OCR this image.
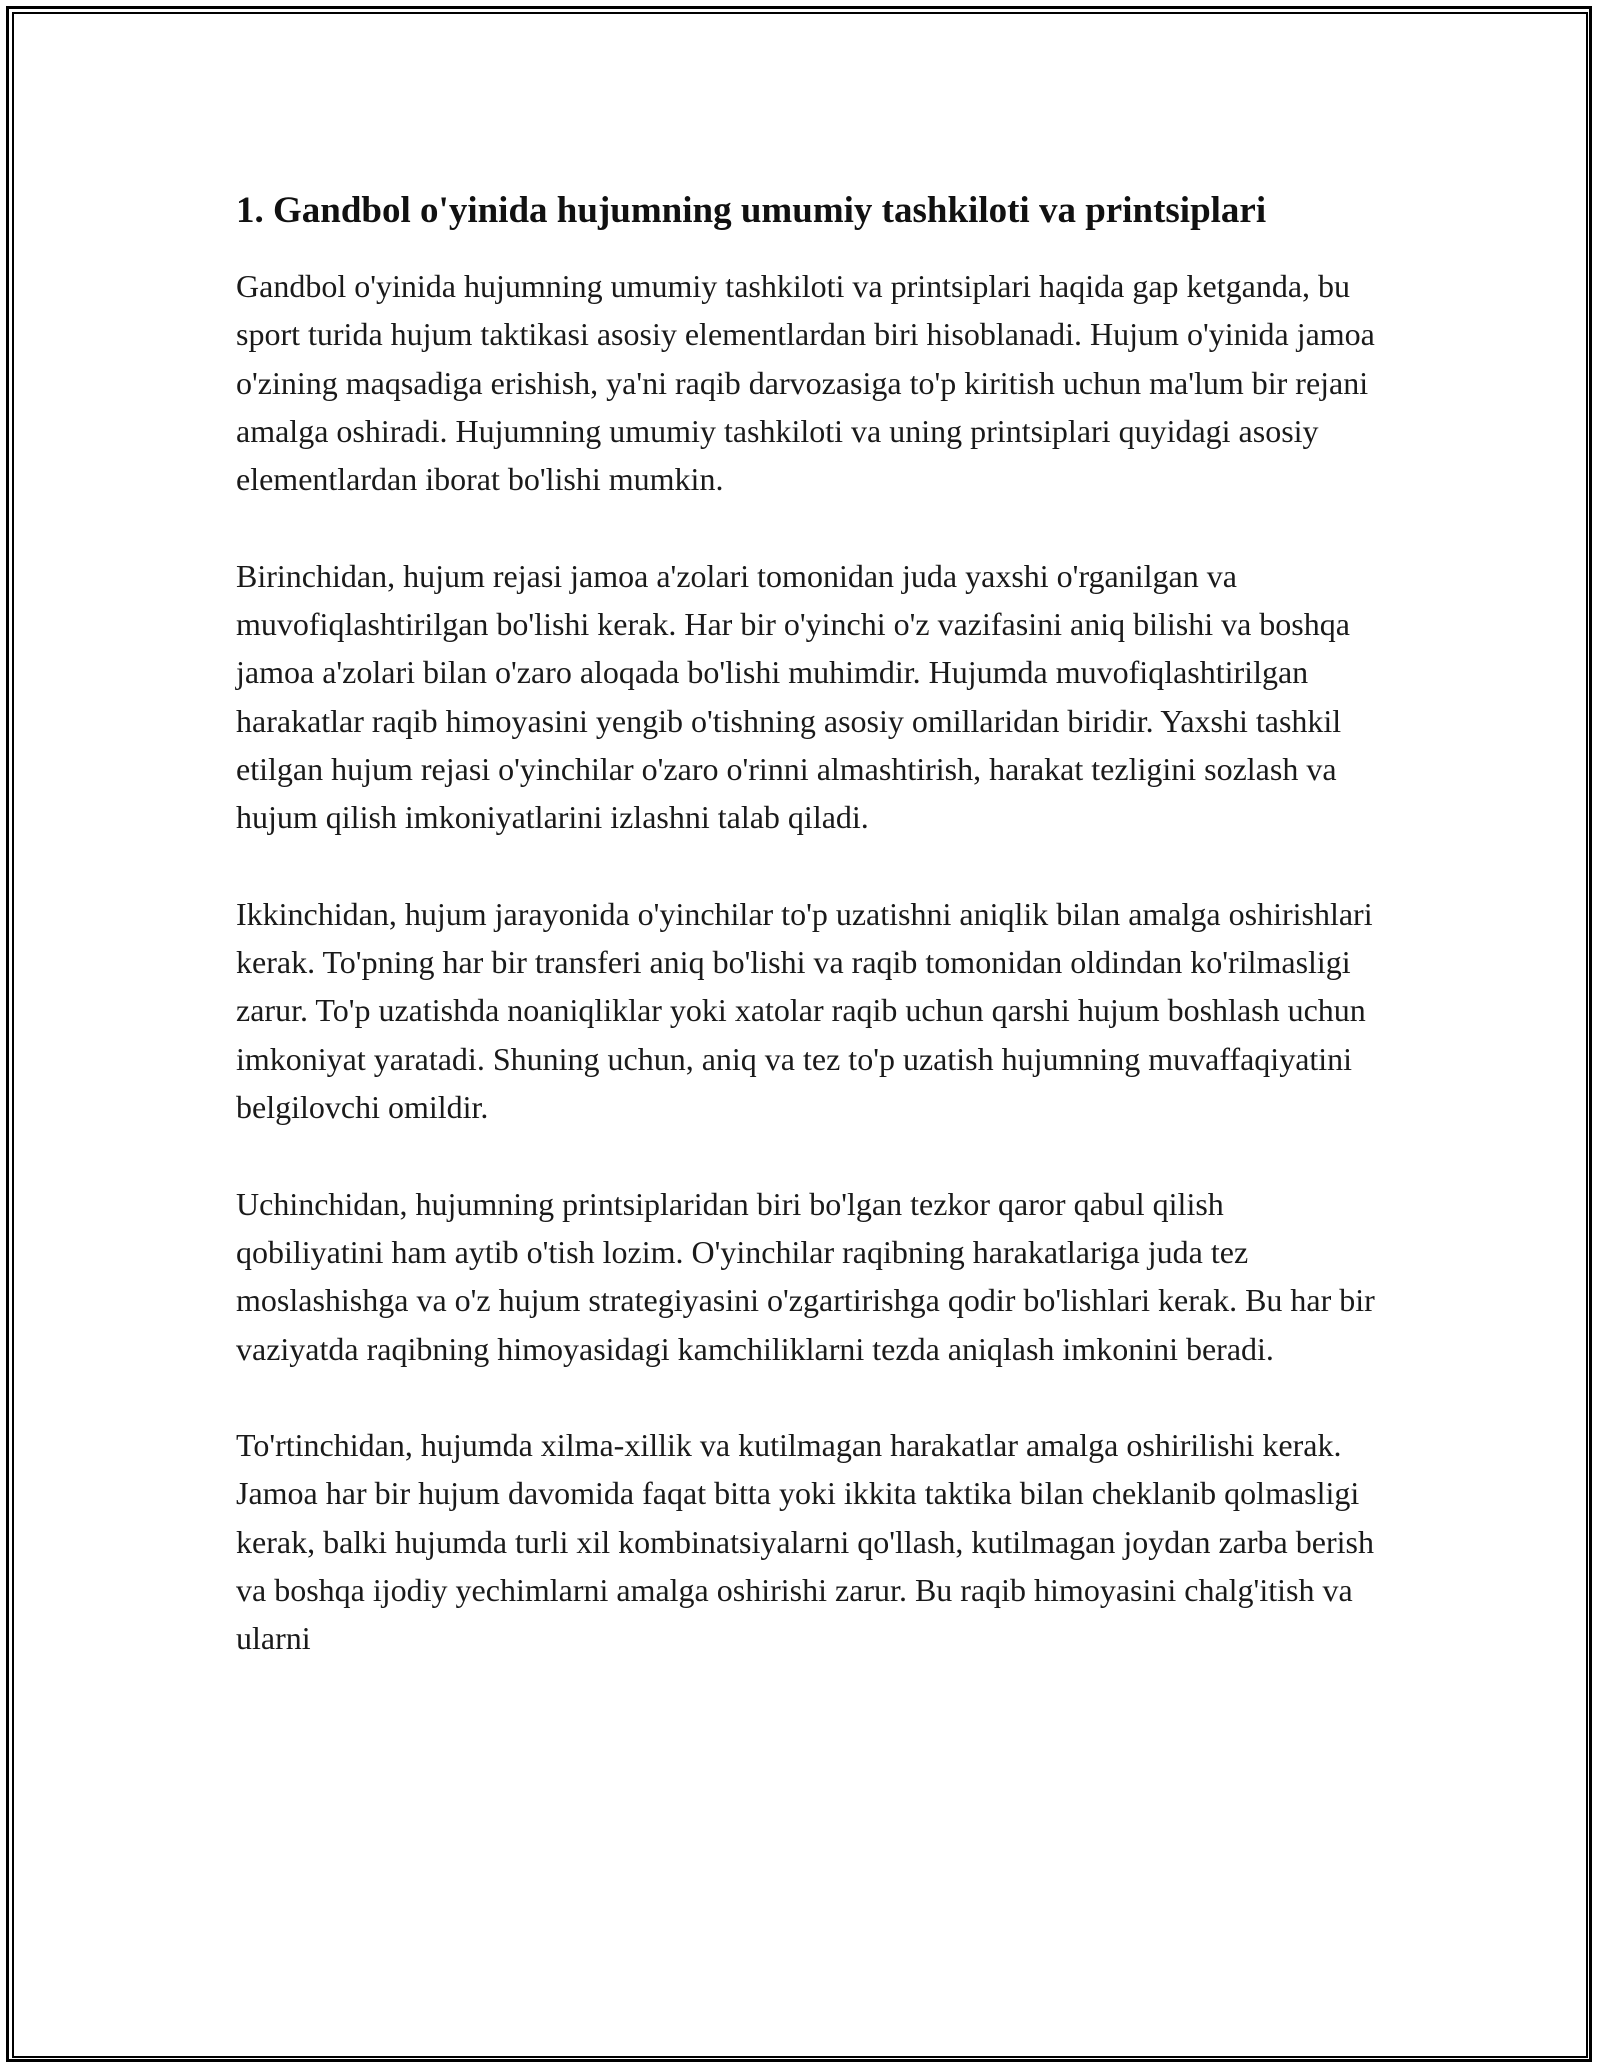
1. Gandbol o'yinida hujumning umumiy tashkiloti va printsiplari

Gandbol o'yinida hujumning umumiy tashkiloti va printsiplari haqida gap ketganda, bu sport turida hujum taktikasi asosiy elementlardan biri hisoblanadi. Hujum o'yinida jamoa o'zining maqsadiga erishish, ya'ni raqib darvozasiga to'p kiritish uchun ma'lum bir rejani amalga oshiradi. Hujumning umumiy tashkiloti va uning printsiplari quyidagi asosiy elementlardan iborat bo'lishi mumkin.

Birinchidan, hujum rejasi jamoa a'zolari tomonidan juda yaxshi o'rganilgan va muvofiqlashtirilgan bo'lishi kerak. Har bir o'yinchi o'z vazifasini aniq bilishi va boshqa jamoa a'zolari bilan o'zaro aloqada bo'lishi muhimdir. Hujumda muvofiqlashtirilgan harakatlar raqib himoyasini yengib o'tishning asosiy omillaridan biridir. Yaxshi tashkil etilgan hujum rejasi o'yinchilar o'zaro o'rinni almashtirish, harakat tezligini sozlash va hujum qilish imkoniyatlarini izlashni talab qiladi.

Ikkinchidan, hujum jarayonida o'yinchilar to'p uzatishni aniqlik bilan amalga oshirishlari kerak. To'pning har bir transferi aniq bo'lishi va raqib tomonidan oldindan ko'rilmasligi zarur. To'p uzatishda noaniqliklar yoki xatolar raqib uchun qarshi hujum boshlash uchun imkoniyat yaratadi. Shuning uchun, aniq va tez to'p uzatish hujumning muvaffaqiyatini belgilovchi omildir.

Uchinchidan, hujumning printsiplaridan biri bo'lgan tezkor qaror qabul qilish qobiliyatini ham aytib o'tish lozim. O'yinchilar raqibning harakatlariga juda tez moslashishga va o'z hujum strategiyasini o'zgartirishga qodir bo'lishlari kerak. Bu har bir vaziyatda raqibning himoyasidagi kamchiliklarni tezda aniqlash imkonini beradi.

To'rtinchidan, hujumda xilma-xillik va kutilmagan harakatlar amalga oshirilishi kerak. Jamoa har bir hujum davomida faqat bitta yoki ikkita taktika bilan cheklanib qolmasligi kerak, balki hujumda turli xil kombinatsiyalarni qo'llash, kutilmagan joydan zarba berish va boshqa ijodiy yechimlarni amalga oshirishi zarur. Bu raqib himoyasini chalg'itish va ularni
